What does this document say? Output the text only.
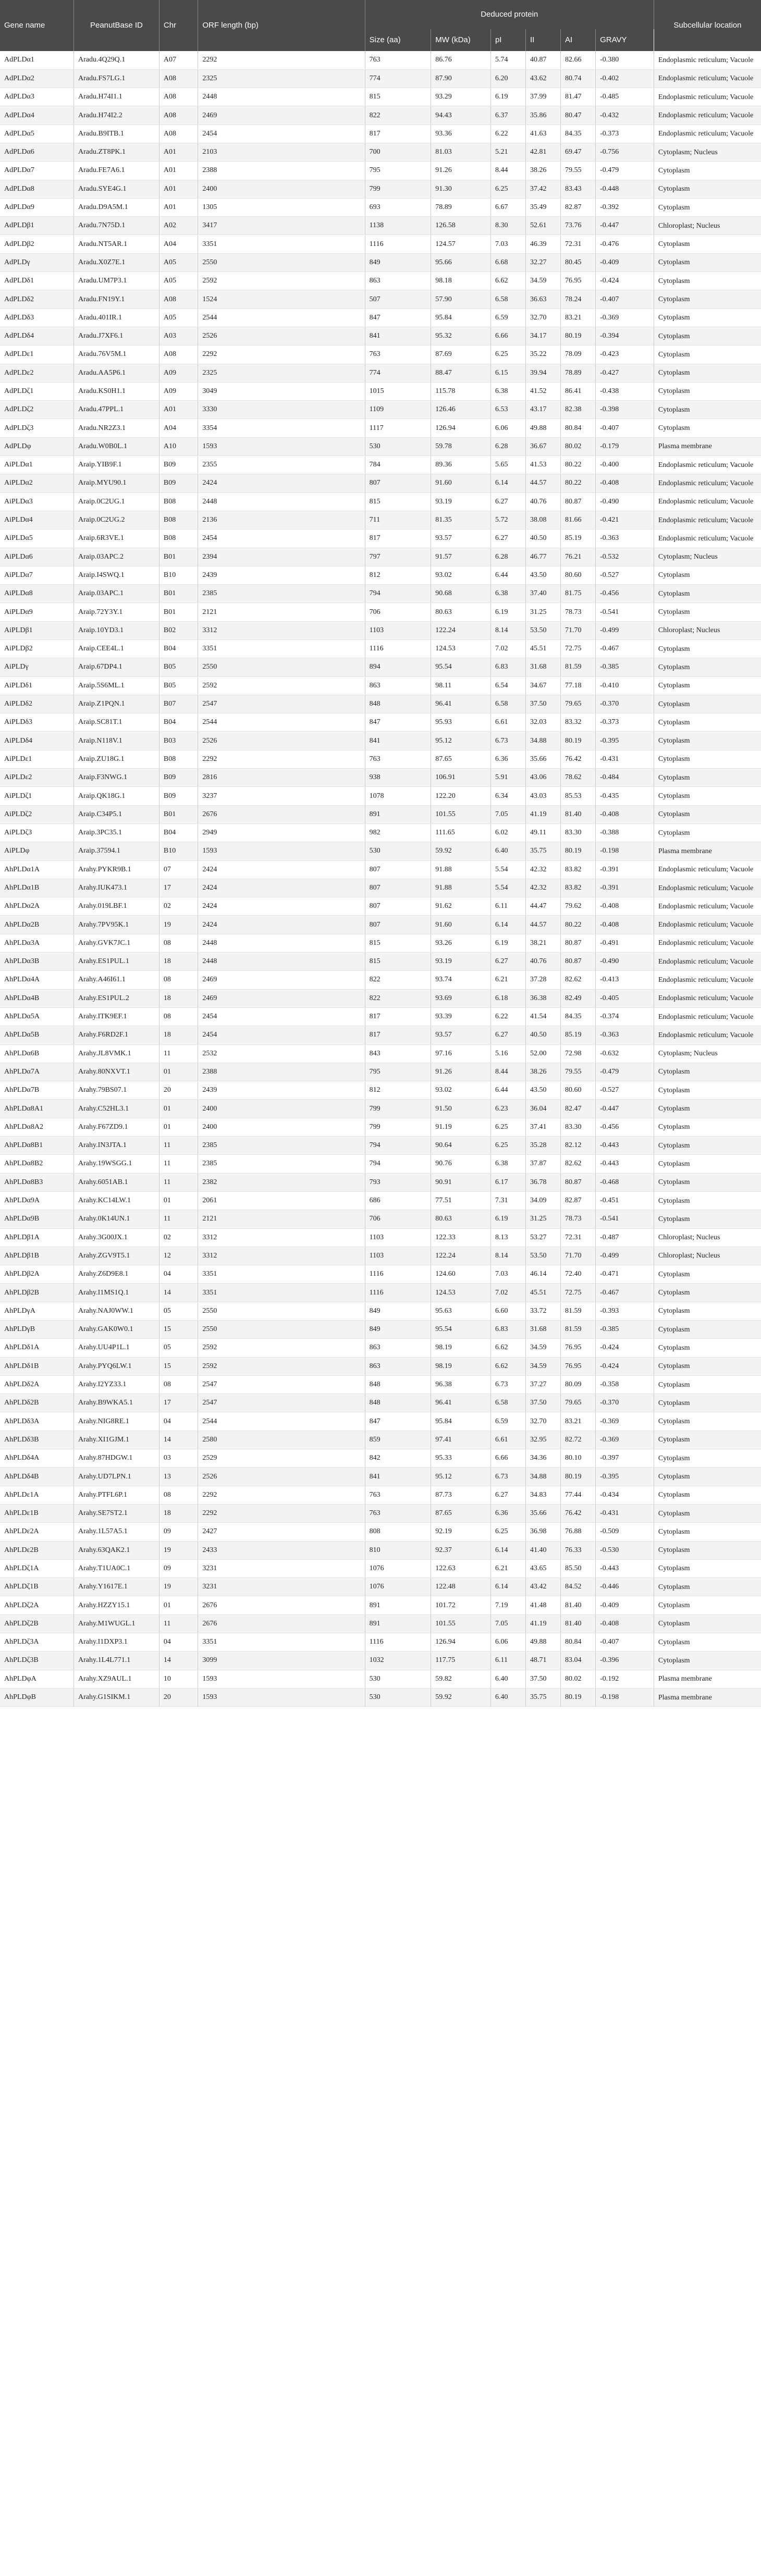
Gene name	PeanutBase ID	Chr	ORF length (bp)	Deduced protein						Subcellular location
				Size (aa)	MW (kDa)	pI	II	AI	GRAVY	
AdPLDα1	Aradu.4Q29Q.1	A07	2292	763	86.76	5.74	40.87	82.66	-0.380	Endoplasmic reticulum; Vacuole
AdPLDα2	Aradu.FS7LG.1	A08	2325	774	87.90	6.20	43.62	80.74	-0.402	Endoplasmic reticulum; Vacuole
AdPLDα3	Aradu.H74I1.1	A08	2448	815	93.29	6.19	37.99	81.47	-0.485	Endoplasmic reticulum; Vacuole
AdPLDα4	Aradu.H74I2.2	A08	2469	822	94.43	6.37	35.86	80.47	-0.432	Endoplasmic reticulum; Vacuole
AdPLDα5	Aradu.B9ITB.1	A08	2454	817	93.36	6.22	41.63	84.35	-0.373	Endoplasmic reticulum; Vacuole
AdPLDα6	Aradu.ZT8PK.1	A01	2103	700	81.03	5.21	42.81	69.47	-0.756	Cytoplasm; Nucleus
AdPLDα7	Aradu.FE7A6.1	A01	2388	795	91.26	8.44	38.26	79.55	-0.479	Cytoplasm
AdPLDα8	Aradu.SYE4G.1	A01	2400	799	91.30	6.25	37.42	83.43	-0.448	Cytoplasm
AdPLDα9	Aradu.D9A5M.1	A01	1305	693	78.89	6.67	35.49	82.87	-0.392	Cytoplasm
AdPLDβ1	Aradu.7N75D.1	A02	3417	1138	126.58	8.30	52.61	73.76	-0.447	Chloroplast; Nucleus
AdPLDβ2	Aradu.NT5AR.1	A04	3351	1116	124.57	7.03	46.39	72.31	-0.476	Cytoplasm
AdPLDγ	Aradu.X0Z7E.1	A05	2550	849	95.66	6.68	32.27	80.45	-0.409	Cytoplasm
AdPLDδ1	Aradu.UM7P3.1	A05	2592	863	98.18	6.62	34.59	76.95	-0.424	Cytoplasm
AdPLDδ2	Aradu.FN19Y.1	A08	1524	507	57.90	6.58	36.63	78.24	-0.407	Cytoplasm
AdPLDδ3	Aradu.401IR.1	A05	2544	847	95.84	6.59	32.70	83.21	-0.369	Cytoplasm
AdPLDδ4	Aradu.J7XF6.1	A03	2526	841	95.32	6.66	34.17	80.19	-0.394	Cytoplasm
AdPLDε1	Aradu.76V5M.1	A08	2292	763	87.69	6.25	35.22	78.09	-0.423	Cytoplasm
AdPLDε2	Aradu.AA5P6.1	A09	2325	774	88.47	6.15	39.94	78.89	-0.427	Cytoplasm
AdPLDζ1	Aradu.KS0H1.1	A09	3049	1015	115.78	6.38	41.52	86.41	-0.438	Cytoplasm
AdPLDζ2	Aradu.47PPL.1	A01	3330	1109	126.46	6.53	43.17	82.38	-0.398	Cytoplasm
AdPLDζ3	Aradu.NR2Z3.1	A04	3354	1117	126.94	6.06	49.88	80.84	-0.407	Cytoplasm
AdPLDφ	Aradu.W0B0L.1	A10	1593	530	59.78	6.28	36.67	80.02	-0.179	Plasma membrane
AiPLDα1	Araip.YIB9F.1	B09	2355	784	89.36	5.65	41.53	80.22	-0.400	Endoplasmic reticulum; Vacuole
AiPLDα2	Araip.MYU90.1	B09	2424	807	91.60	6.14	44.57	80.22	-0.408	Endoplasmic reticulum; Vacuole
AiPLDα3	Araip.0C2UG.1	B08	2448	815	93.19	6.27	40.76	80.87	-0.490	Endoplasmic reticulum; Vacuole
AiPLDα4	Araip.0C2UG.2	B08	2136	711	81.35	5.72	38.08	81.66	-0.421	Endoplasmic reticulum; Vacuole
AiPLDα5	Araip.6R3VE.1	B08	2454	817	93.57	6.27	40.50	85.19	-0.363	Endoplasmic reticulum; Vacuole
AiPLDα6	Araip.03APC.2	B01	2394	797	91.57	6.28	46.77	76.21	-0.532	Cytoplasm; Nucleus
AiPLDα7	Araip.I4SWQ.1	B10	2439	812	93.02	6.44	43.50	80.60	-0.527	Cytoplasm
AiPLDα8	Araip.03APC.1	B01	2385	794	90.68	6.38	37.40	81.75	-0.456	Cytoplasm
AiPLDα9	Araip.72Y3Y.1	B01	2121	706	80.63	6.19	31.25	78.73	-0.541	Cytoplasm
AiPLDβ1	Araip.10YD3.1	B02	3312	1103	122.24	8.14	53.50	71.70	-0.499	Chloroplast; Nucleus
AiPLDβ2	Araip.CEE4L.1	B04	3351	1116	124.53	7.02	45.51	72.75	-0.467	Cytoplasm
AiPLDγ	Araip.67DP4.1	B05	2550	894	95.54	6.83	31.68	81.59	-0.385	Cytoplasm
AiPLDδ1	Araip.5S6ML.1	B05	2592	863	98.11	6.54	34.67	77.18	-0.410	Cytoplasm
AiPLDδ2	Araip.Z1PQN.1	B07	2547	848	96.41	6.58	37.50	79.65	-0.370	Cytoplasm
AiPLDδ3	Araip.SC81T.1	B04	2544	847	95.93	6.61	32.03	83.32	-0.373	Cytoplasm
AiPLDδ4	Araip.N118V.1	B03	2526	841	95.12	6.73	34.88	80.19	-0.395	Cytoplasm
AiPLDε1	Araip.ZU18G.1	B08	2292	763	87.65	6.36	35.66	76.42	-0.431	Cytoplasm
AiPLDε2	Araip.F3NWG.1	B09	2816	938	106.91	5.91	43.06	78.62	-0.484	Cytoplasm
AiPLDζ1	Araip.QK18G.1	B09	3237	1078	122.20	6.34	43.03	85.53	-0.435	Cytoplasm
AiPLDζ2	Araip.C34P5.1	B01	2676	891	101.55	7.05	41.19	81.40	-0.408	Cytoplasm
AiPLDζ3	Araip.3PC35.1	B04	2949	982	111.65	6.02	49.11	83.30	-0.388	Cytoplasm
AiPLDφ	Araip.37594.1	B10	1593	530	59.92	6.40	35.75	80.19	-0.198	Plasma membrane
AhPLDα1A	Arahy.PYKR9B.1	07	2424	807	91.88	5.54	42.32	83.82	-0.391	Endoplasmic reticulum; Vacuole
AhPLDα1B	Arahy.IUK473.1	17	2424	807	91.88	5.54	42.32	83.82	-0.391	Endoplasmic reticulum; Vacuole
AhPLDα2A	Arahy.019LBF.1	02	2424	807	91.62	6.11	44.47	79.62	-0.408	Endoplasmic reticulum; Vacuole
AhPLDα2B	Arahy.7PV95K.1	19	2424	807	91.60	6.14	44.57	80.22	-0.408	Endoplasmic reticulum; Vacuole
AhPLDα3A	Arahy.GVK7JC.1	08	2448	815	93.26	6.19	38.21	80.87	-0.491	Endoplasmic reticulum; Vacuole
AhPLDα3B	Arahy.ES1PUL.1	18	2448	815	93.19	6.27	40.76	80.87	-0.490	Endoplasmic reticulum; Vacuole
AhPLDα4A	Arahy.A46I61.1	08	2469	822	93.74	6.21	37.28	82.62	-0.413	Endoplasmic reticulum; Vacuole
AhPLDα4B	Arahy.ES1PUL.2	18	2469	822	93.69	6.18	36.38	82.49	-0.405	Endoplasmic reticulum; Vacuole
AhPLDα5A	Arahy.ITK9EF.1	08	2454	817	93.39	6.22	41.54	84.35	-0.374	Endoplasmic reticulum; Vacuole
AhPLDα5B	Arahy.F6RD2F.1	18	2454	817	93.57	6.27	40.50	85.19	-0.363	Endoplasmic reticulum; Vacuole
AhPLDα6B	Arahy.JL8VMK.1	11	2532	843	97.16	5.16	52.00	72.98	-0.632	Cytoplasm; Nucleus
AhPLDα7A	Arahy.80NXVT.1	01	2388	795	91.26	8.44	38.26	79.55	-0.479	Cytoplasm
AhPLDα7B	Arahy.79BS07.1	20	2439	812	93.02	6.44	43.50	80.60	-0.527	Cytoplasm
AhPLDα8A1	Arahy.C52HL3.1	01	2400	799	91.50	6.23	36.04	82.47	-0.447	Cytoplasm
AhPLDα8A2	Arahy.F67ZD9.1	01	2400	799	91.19	6.25	37.41	83.30	-0.456	Cytoplasm
AhPLDα8B1	Arahy.IN3JTA.1	11	2385	794	90.64	6.25	35.28	82.12	-0.443	Cytoplasm
AhPLDα8B2	Arahy.19WSGG.1	11	2385	794	90.76	6.38	37.87	82.62	-0.443	Cytoplasm
AhPLDα8B3	Arahy.6051AB.1	11	2382	793	90.91	6.17	36.78	80.87	-0.468	Cytoplasm
AhPLDα9A	Arahy.KC14LW.1	01	2061	686	77.51	7.31	34.09	82.87	-0.451	Cytoplasm
AhPLDα9B	Arahy.0K14UN.1	11	2121	706	80.63	6.19	31.25	78.73	-0.541	Cytoplasm
AhPLDβ1A	Arahy.3G00JX.1	02	3312	1103	122.33	8.13	53.27	72.31	-0.487	Chloroplast; Nucleus
AhPLDβ1B	Arahy.ZGV9T5.1	12	3312	1103	122.24	8.14	53.50	71.70	-0.499	Chloroplast; Nucleus
AhPLDβ2A	Arahy.Z6D9E8.1	04	3351	1116	124.60	7.03	46.14	72.40	-0.471	Cytoplasm
AhPLDβ2B	Arahy.I1MS1Q.1	14	3351	1116	124.53	7.02	45.51	72.75	-0.467	Cytoplasm
AhPLDγA	Arahy.NAJ0WW.1	05	2550	849	95.63	6.60	33.72	81.59	-0.393	Cytoplasm
AhPLDγB	Arahy.GAK0W0.1	15	2550	849	95.54	6.83	31.68	81.59	-0.385	Cytoplasm
AhPLDδ1A	Arahy.UU4P1L.1	05	2592	863	98.19	6.62	34.59	76.95	-0.424	Cytoplasm
AhPLDδ1B	Arahy.PYQ6LW.1	15	2592	863	98.19	6.62	34.59	76.95	-0.424	Cytoplasm
AhPLDδ2A	Arahy.I2YZ33.1	08	2547	848	96.38	6.73	37.27	80.09	-0.358	Cytoplasm
AhPLDδ2B	Arahy.B9WKA5.1	17	2547	848	96.41	6.58	37.50	79.65	-0.370	Cytoplasm
AhPLDδ3A	Arahy.NIG8RE.1	04	2544	847	95.84	6.59	32.70	83.21	-0.369	Cytoplasm
AhPLDδ3B	Arahy.XI1GJM.1	14	2580	859	97.41	6.61	32.95	82.72	-0.369	Cytoplasm
AhPLDδ4A	Arahy.87HDGW.1	03	2529	842	95.33	6.66	34.36	80.10	-0.397	Cytoplasm
AhPLDδ4B	Arahy.UD7LPN.1	13	2526	841	95.12	6.73	34.88	80.19	-0.395	Cytoplasm
AhPLDε1A	Arahy.PTFL6P.1	08	2292	763	87.73	6.27	34.83	77.44	-0.434	Cytoplasm
AhPLDε1B	Arahy.SE7ST2.1	18	2292	763	87.65	6.36	35.66	76.42	-0.431	Cytoplasm
AhPLDε2A	Arahy.1L57A5.1	09	2427	808	92.19	6.25	36.98	76.88	-0.509	Cytoplasm
AhPLDε2B	Arahy.63QAK2.1	19	2433	810	92.37	6.14	41.40	76.33	-0.530	Cytoplasm
AhPLDζ1A	Arahy.T1UA0C.1	09	3231	1076	122.63	6.21	43.65	85.50	-0.443	Cytoplasm
AhPLDζ1B	Arahy.Y1617E.1	19	3231	1076	122.48	6.14	43.42	84.52	-0.446	Cytoplasm
AhPLDζ2A	Arahy.HZZY15.1	01	2676	891	101.72	7.19	41.48	81.40	-0.409	Cytoplasm
AhPLDζ2B	Arahy.M1WUGL.1	11	2676	891	101.55	7.05	41.19	81.40	-0.408	Cytoplasm
AhPLDζ3A	Arahy.I1DXP3.1	04	3351	1116	126.94	6.06	49.88	80.84	-0.407	Cytoplasm
AhPLDζ3B	Arahy.1L4L771.1	14	3099	1032	117.75	6.11	48.71	83.04	-0.396	Cytoplasm
AhPLDφA	Arahy.XZ9AUL.1	10	1593	530	59.82	6.40	37.50	80.02	-0.192	Plasma membrane
AhPLDφB	Arahy.G1SIKM.1	20	1593	530	59.92	6.40	35.75	80.19	-0.198	Plasma membrane
